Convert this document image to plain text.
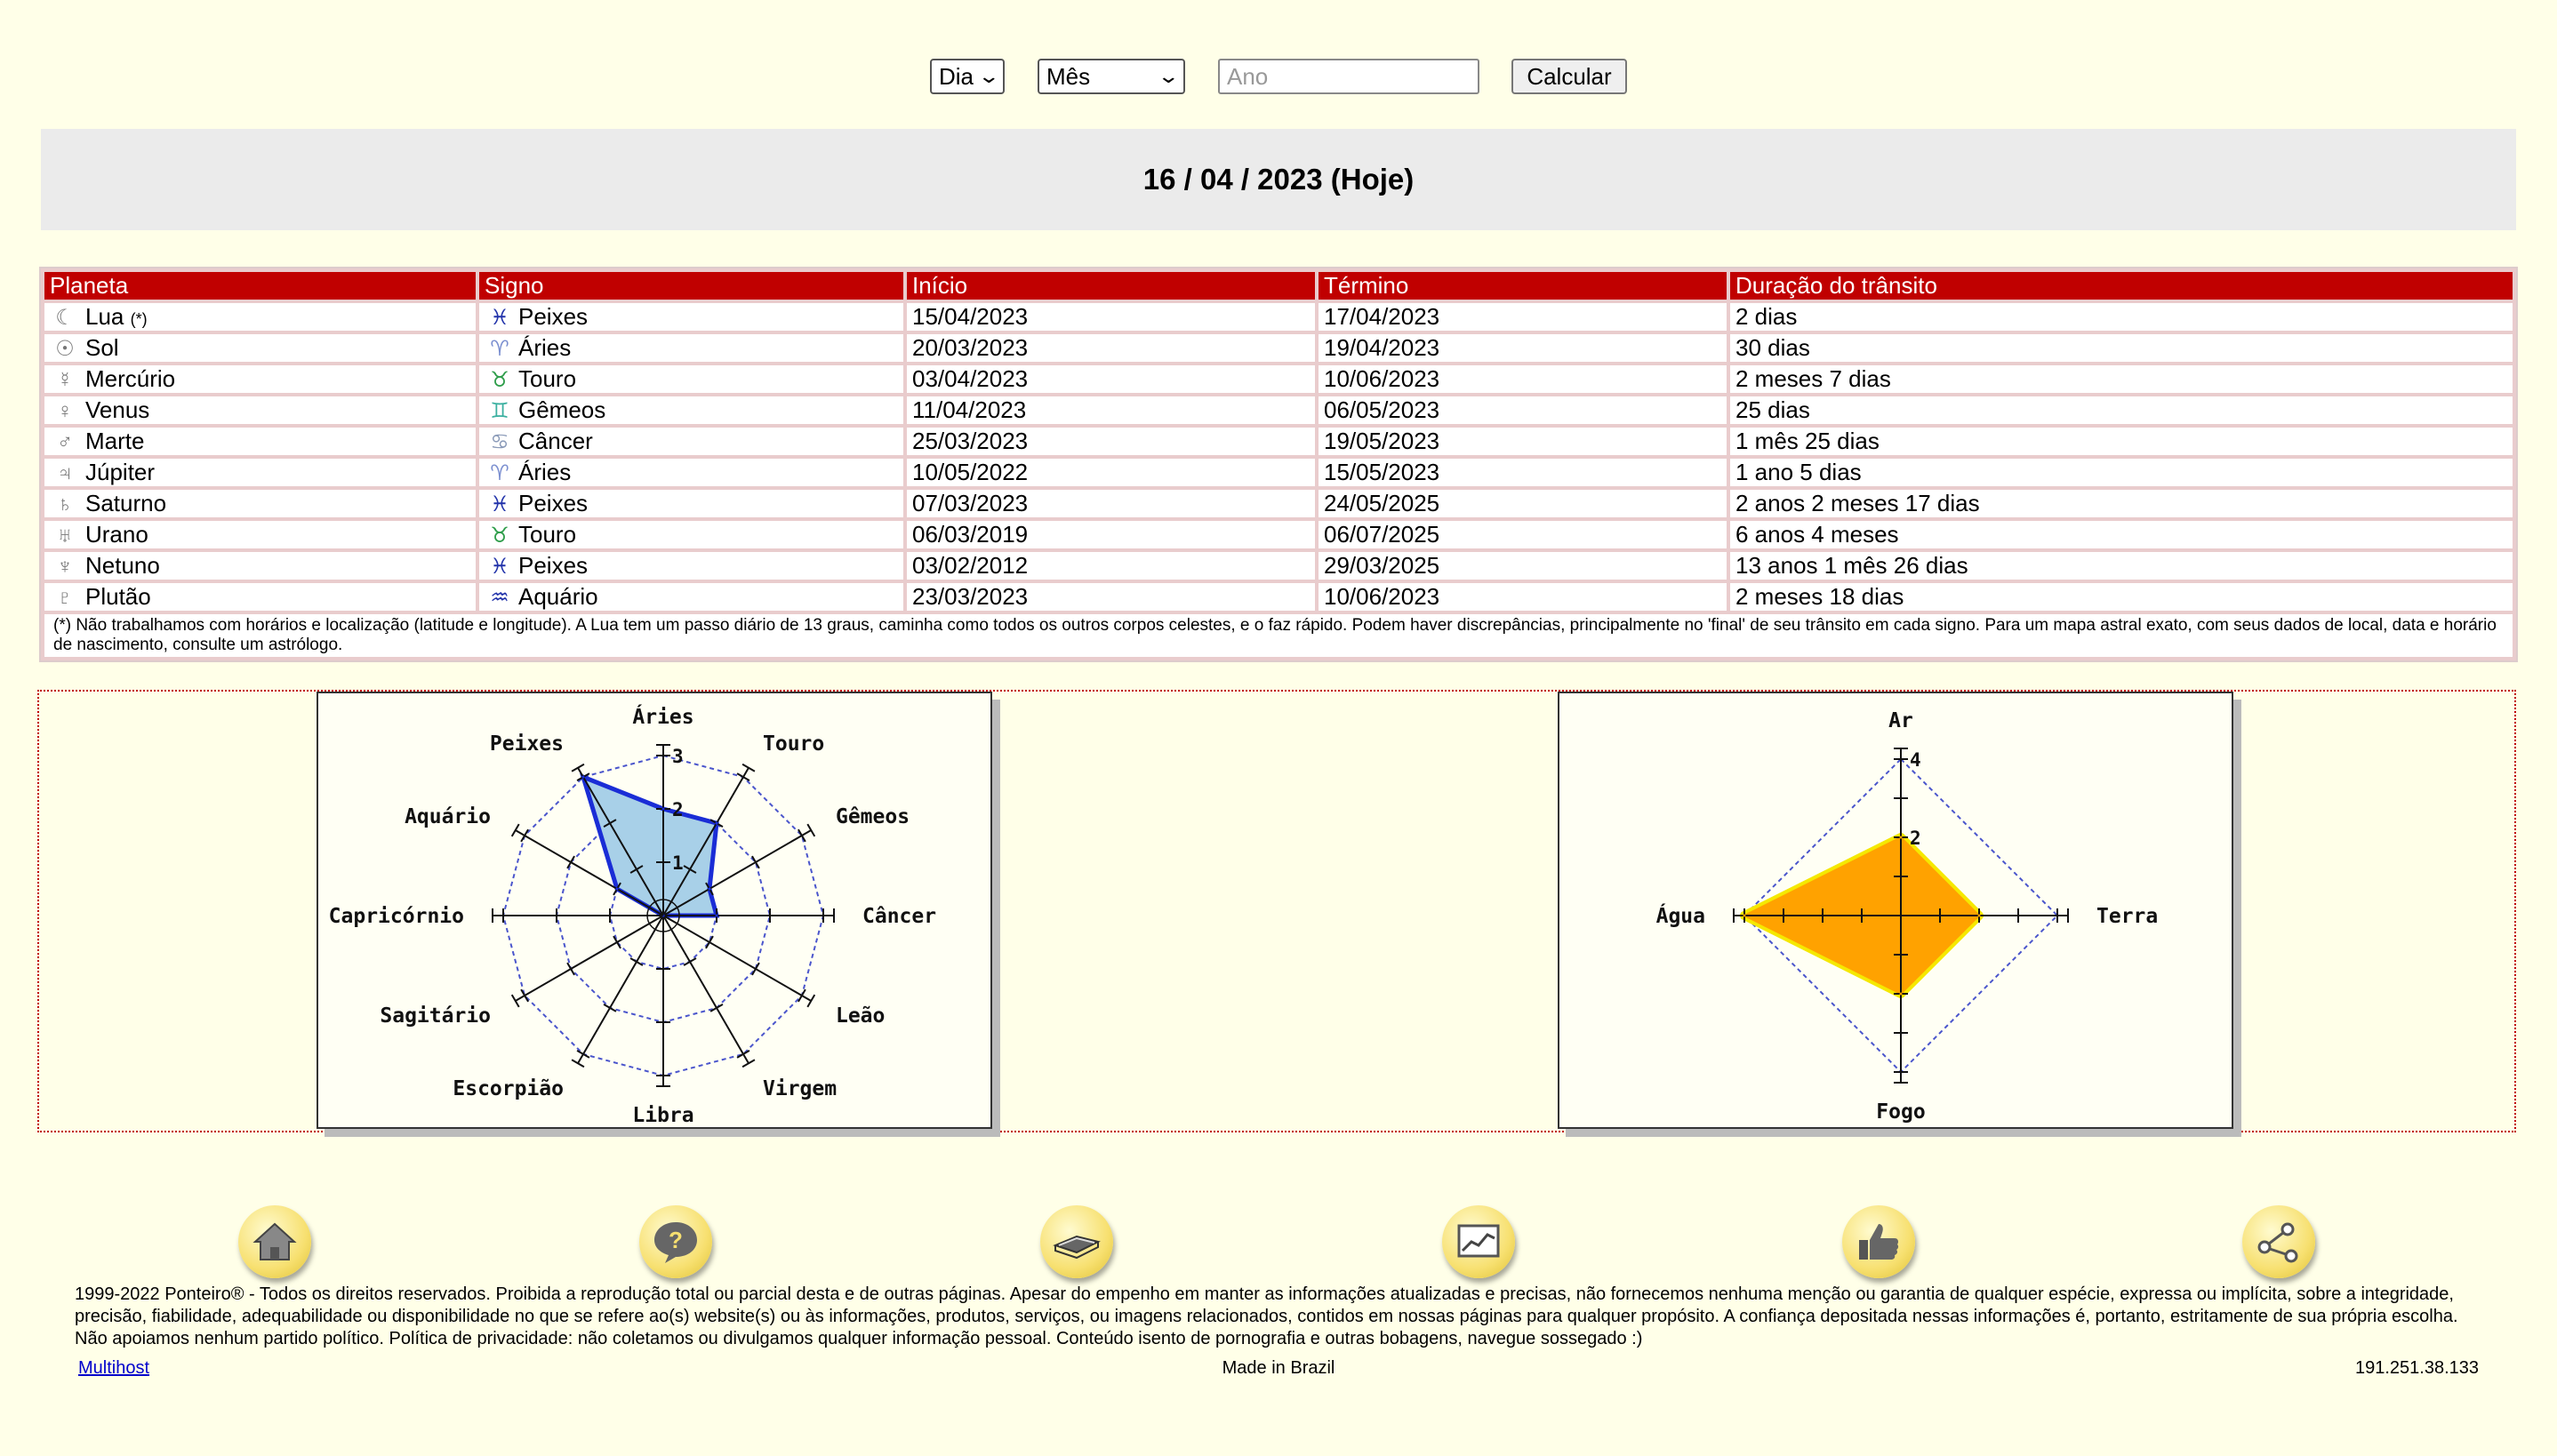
Dia ⌄ Mês	⌄ Ano	Calcular
16 / 04 / 2023 (Hoje)
Planeta	Signo	Início	Término	Duração do trânsito
☾ Lua (*)	♓︎ Peixes	15/04/2023	17/04/2023	2 dias
☉︎ Sol	♈︎ Áries	20/03/2023	19/04/2023	30 dias
☿︎ Mercúrio	♉︎ Touro	03/04/2023	10/06/2023	2 meses 7 dias
♀︎ Venus	♊︎ Gêmeos	11/04/2023	06/05/2023	25 dias
♂︎ Marte	♋︎ Câncer	25/03/2023	19/05/2023	1 mês 25 dias
♃︎ Júpiter	♈︎ Áries	10/05/2022	15/05/2023	1 ano 5 dias
♄︎ Saturno	♓︎ Peixes	07/03/2023	24/05/2025	2 anos 2 meses 17 dias
♅︎ Urano	♉︎ Touro	06/03/2019	06/07/2025	6 anos 4 meses
♆︎ Netuno	♓︎ Peixes	03/02/2012	29/03/2025	13 anos 1 mês 26 dias
♇︎ Plutão	♒︎ Aquário	23/03/2023	10/06/2023	2 meses 18 dias
(*) Não trabalhamos com horários e localização (latitude e longitude). A Lua tem um passo diário de 13 graus, caminha como todos os outros corpos celestes, e o faz rápido. Podem haver discrepâncias, principalmente no 'final' de seu trânsito em cada signo. Para um mapa astral exato, com seus dados de local, data e horário de nascimento, consulte um astrólogo.				
Áries
Touro
Gêmeos
Câncer
Leão
Virgem
Libra
Escorpião
Sagitário
Capricórnio
Aquário
Peixes
1
2
3
Ar
Terra
Fogo
Água
2
4
?
1999-2022 Ponteiro® - Todos os direitos reservados. Proibida a reprodução total ou parcial desta e de outras páginas. Apesar do empenho em manter as informações atualizadas e precisas, não fornecemos nenhuma menção ou garantia de qualquer espécie, expressa ou implícita, sobre a integridade, precisão, fiabilidade, adequabilidade ou disponibilidade no que se refere ao(s) website(s) ou às informações, produtos, serviços, ou imagens relacionados, contidos em nossas páginas para qualquer propósito. A confiança depositada nessas informações é, portanto, estritamente de sua própria escolha. Não apoiamos nenhum partido político. Política de privacidade: não coletamos ou divulgamos qualquer informação pessoal. Conteúdo isento de pornografia e outras bobagens, navegue sossegado :)
Multihost	Made in Brazil	191.251.38.133
